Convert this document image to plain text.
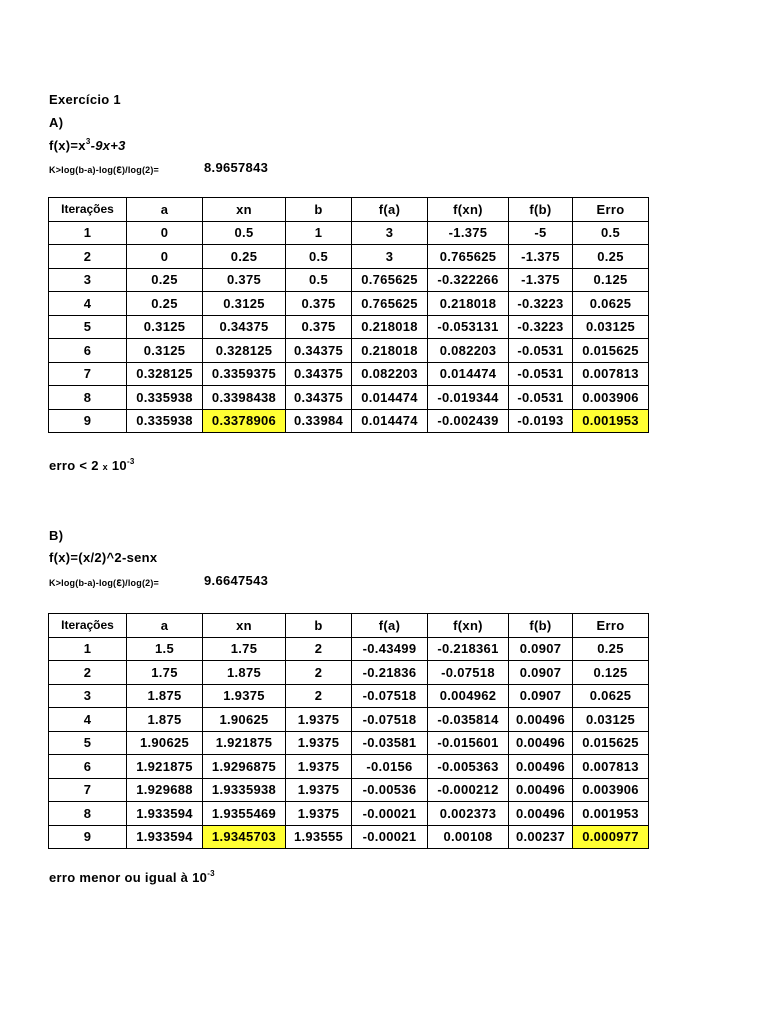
Exercício 1
A)
$f(x)=x^3-9x+3$
K>log(b-a)-log(ℇ)/log(2)=	8.9657843
Iterações	a	xn	b	f(a)	f(xn)	f(b)	Erro
1	0	0.5	1	3	-1.375	-5	0.5
2	0	0.25	0.5	3	0.765625	-1.375	0.25
3	0.25	0.375	0.5	0.765625	-0.322266	-1.375	0.125
4	0.25	0.3125	0.375	0.765625	0.218018	-0.3223	0.0625
5	0.3125	0.34375	0.375	0.218018	-0.053131	-0.3223	0.03125
6	0.3125	0.328125	0.34375	0.218018	0.082203	-0.0531	0.015625
7	0.328125	0.3359375	0.34375	0.082203	0.014474	-0.0531	0.007813
8	0.335938	0.3398438	0.34375	0.014474	-0.019344	-0.0531	0.003906
9	0.335938	0.3378906	0.33984	0.014474	-0.002439	-0.0193	0.001953
erro < 2 x $10^{-3}$
B)
f(x)=(x/2)^2-senx
K>log(b-a)-log(ℇ)/log(2)=	9.6647543
Iterações	a	xn	b	f(a)	f(xn)	f(b)	Erro
1	1.5	1.75	2	-0.43499	-0.218361	0.0907	0.25
2	1.75	1.875	2	-0.21836	-0.07518	0.0907	0.125
3	1.875	1.9375	2	-0.07518	0.004962	0.0907	0.0625
4	1.875	1.90625	1.9375	-0.07518	-0.035814	0.00496	0.03125
5	1.90625	1.921875	1.9375	-0.03581	-0.015601	0.00496	0.015625
6	1.921875	1.9296875	1.9375	-0.0156	-0.005363	0.00496	0.007813
7	1.929688	1.9335938	1.9375	-0.00536	-0.000212	0.00496	0.003906
8	1.933594	1.9355469	1.9375	-0.00021	0.002373	0.00496	0.001953
9	1.933594	1.9345703	1.93555	-0.00021	0.00108	0.00237	0.000977
erro menor ou igual à $10^{-3}$
